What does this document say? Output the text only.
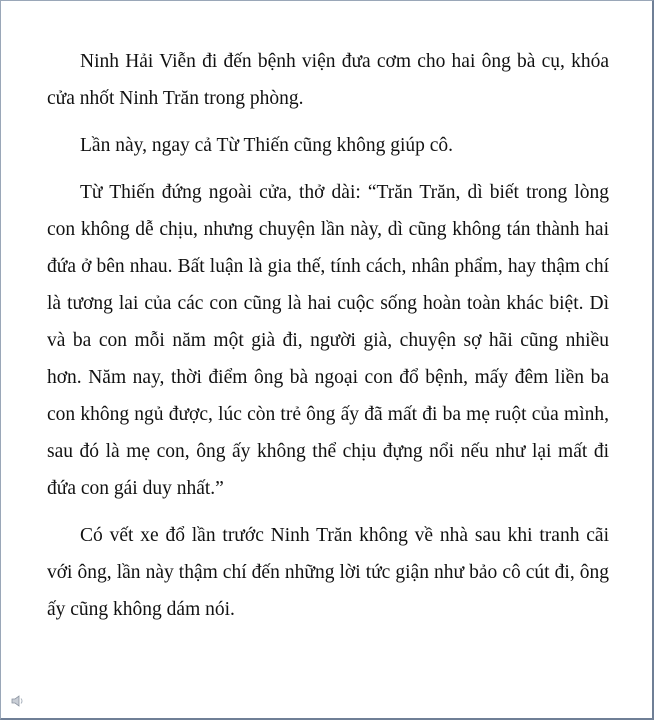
Ninh Hải Viễn đi đến bệnh viện đưa cơm cho hai ông bà cụ, khóa cửa nhốt Ninh Trăn trong phòng.

Lần này, ngay cả Từ Thiến cũng không giúp cô.

Từ Thiến đứng ngoài cửa, thở dài: “Trăn Trăn, dì biết trong lòng con không dễ chịu, nhưng chuyện lần này, dì cũng không tán thành hai đứa ở bên nhau. Bất luận là gia thế, tính cách, nhân phẩm, hay thậm chí là tương lai của các con cũng là hai cuộc sống hoàn toàn khác biệt. Dì và ba con mỗi năm một già đi, người già, chuyện sợ hãi cũng nhiều hơn. Năm nay, thời điểm ông bà ngoại con đổ bệnh, mấy đêm liền ba con không ngủ được, lúc còn trẻ ông ấy đã mất đi ba mẹ ruột của mình, sau đó là mẹ con, ông ấy không thể chịu đựng nổi nếu như lại mất đi đứa con gái duy nhất.”

Có vết xe đổ lần trước Ninh Trăn không về nhà sau khi tranh cãi với ông, lần này thậm chí đến những lời tức giận như bảo cô cút đi, ông ấy cũng không dám nói.
